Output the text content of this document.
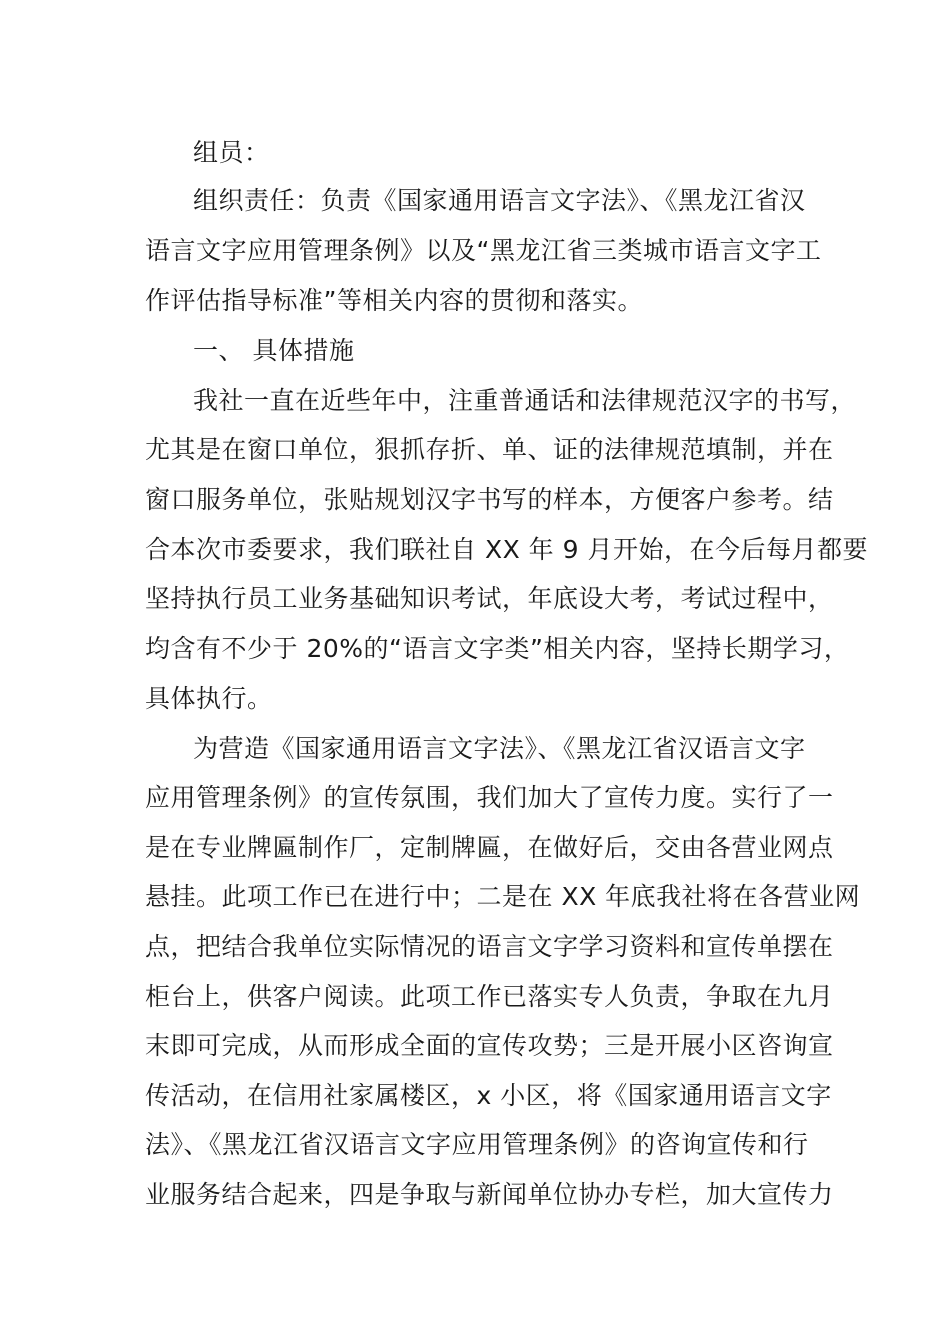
组员：
组织责任：负责《国家通用语言文字法》、《黑龙江省汉
语言文字应用管理条例》以及“黑龙江省三类城市语言文字工
作评估指导标准”等相关内容的贯彻和落实。
一、 具体措施
我社一直在近些年中，注重普通话和法律规范汉字的书写，
尤其是在窗口单位，狠抓存折、单、证的法律规范填制，并在
窗口服务单位，张贴规划汉字书写的样本，方便客户参考。结
合本次市委要求，我们联社自 XX 年 9 月开始，在今后每月都要
坚持执行员工业务基础知识考试，年底设大考，考试过程中，
均含有不少于 20%的“语言文字类”相关内容，坚持长期学习，
具体执行。
为营造《国家通用语言文字法》、《黑龙江省汉语言文字
应用管理条例》的宣传氛围，我们加大了宣传力度。实行了一
是在专业牌匾制作厂，定制牌匾，在做好后，交由各营业网点
悬挂。此项工作已在进行中；二是在 XX 年底我社将在各营业网
点，把结合我单位实际情况的语言文字学习资料和宣传单摆在
柜台上，供客户阅读。此项工作已落实专人负责，争取在九月
末即可完成，从而形成全面的宣传攻势；三是开展小区咨询宣
传活动，在信用社家属楼区，x 小区，将《国家通用语言文字
法》、《黑龙江省汉语言文字应用管理条例》的咨询宣传和行
业服务结合起来，四是争取与新闻单位协办专栏，加大宣传力
